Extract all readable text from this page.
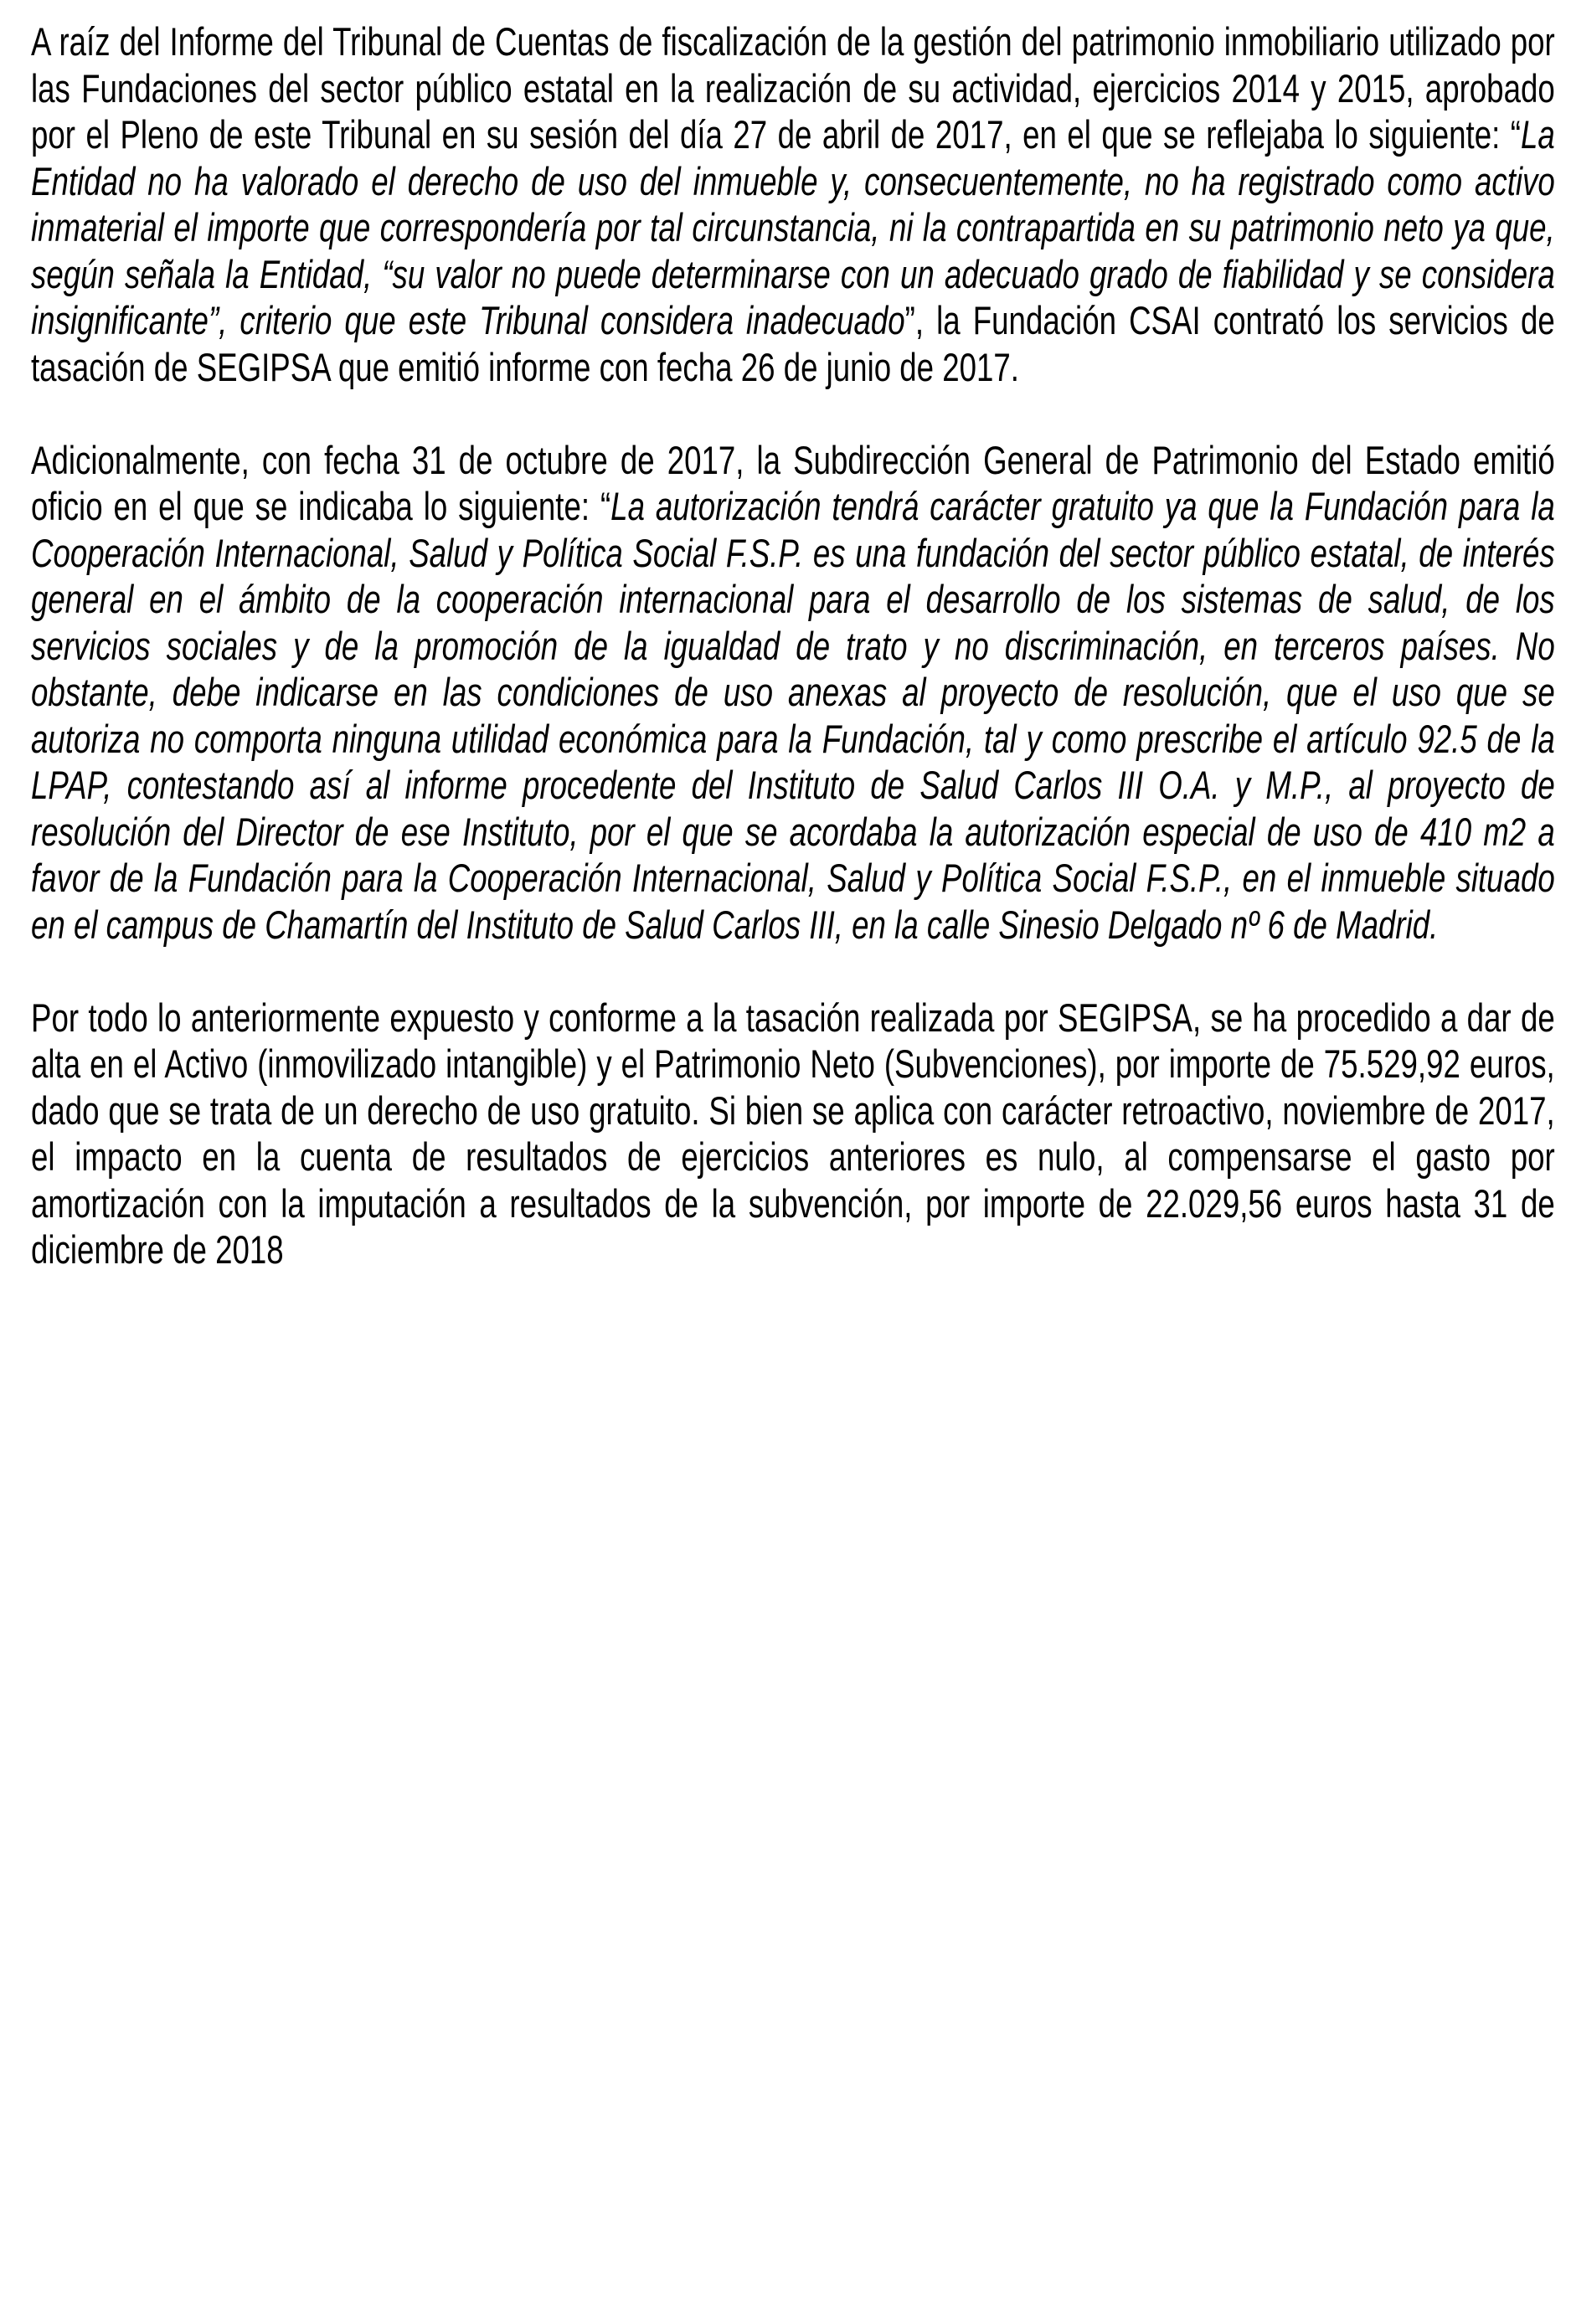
A raíz del Informe del Tribunal de Cuentas de fiscalización de la gestión del patrimonio inmobiliario utilizado por las Fundaciones del sector público estatal en la realización de su actividad, ejercicios 2014 y 2015, aprobado por el Pleno de este Tribunal en su sesión del día 27 de abril de 2017, en el que se reflejaba lo siguiente: “La Entidad no ha valorado el derecho de uso del inmueble y, consecuentemente, no ha registrado como activo inmaterial el importe que correspondería por tal circunstancia, ni la contrapartida en su patrimonio neto ya que, según señala la Entidad, “su valor no puede determinarse con un adecuado grado de fiabilidad y se considera insignificante”, criterio que este Tribunal considera inadecuado”, la Fundación CSAI contrató los servicios de tasación de SEGIPSA que emitió informe con fecha 26 de junio de 2017.

Adicionalmente, con fecha 31 de octubre de 2017, la Subdirección General de Patrimonio del Estado emitió oficio en el que se indicaba lo siguiente: “La autorización tendrá carácter gratuito ya que la Fundación para la Cooperación Internacional, Salud y Política Social F.S.P. es una fundación del sector público estatal, de interés general en el ámbito de la cooperación internacional para el desarrollo de los sistemas de salud, de los servicios sociales y de la promoción de la igualdad de trato y no discriminación, en terceros países. No obstante, debe indicarse en las condiciones de uso anexas al proyecto de resolución, que el uso que se autoriza no comporta ninguna utilidad económica para la Fundación, tal y como prescribe el artículo 92.5 de la LPAP, contestando así al informe procedente del Instituto de Salud Carlos III O.A. y M.P., al proyecto de resolución del Director de ese Instituto, por el que se acordaba la autorización especial de uso de 410 m2 a favor de la Fundación para la Cooperación Internacional, Salud y Política Social F.S.P., en el inmueble situado en el campus de Chamartín del Instituto de Salud Carlos III, en la calle Sinesio Delgado nº 6 de Madrid.

Por todo lo anteriormente expuesto y conforme a la tasación realizada por SEGIPSA, se ha procedido a dar de alta en el Activo (inmovilizado intangible) y el Patrimonio Neto (Subvenciones), por importe de 75.529,92 euros, dado que se trata de un derecho de uso gratuito. Si bien se aplica con carácter retroactivo, noviembre de 2017, el impacto en la cuenta de resultados de ejercicios anteriores es nulo, al compensarse el gasto por amortización con la imputación a resultados de la subvención, por importe de 22.029,56 euros hasta 31 de diciembre de 2018
